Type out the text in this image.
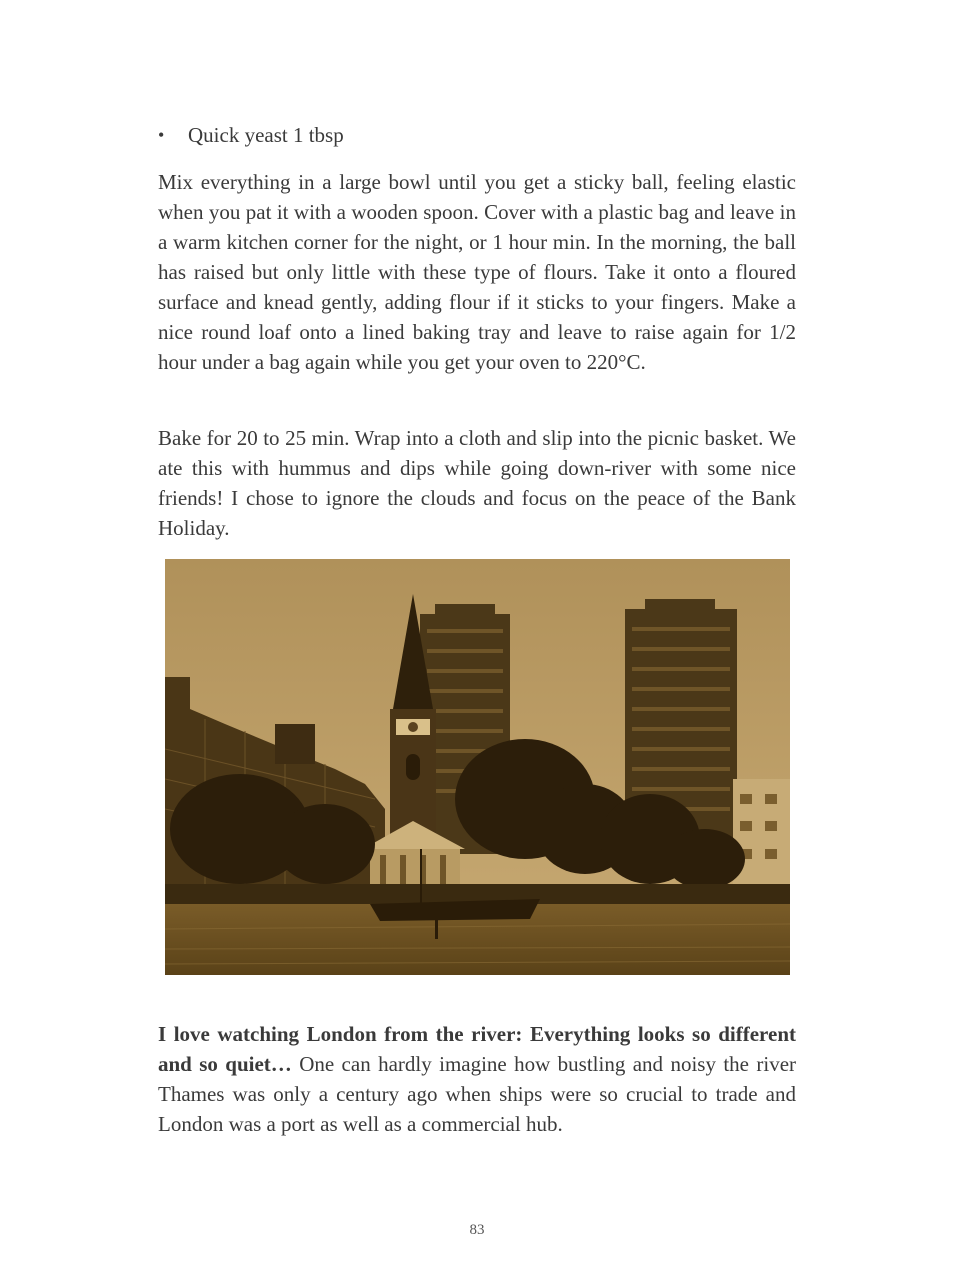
•	Quick yeast 1 tbsp

Mix everything in a large bowl until you get a sticky ball, feeling elastic when you pat it with a wooden spoon. Cover with a plastic bag and leave in a warm kitchen corner for the night, or 1 hour min. In the morning, the ball has raised but only little with these type of flours. Take it onto a floured surface and knead gently, adding flour if it sticks to your fingers. Make a nice round loaf onto a lined baking tray and leave to raise again for 1/2 hour under a bag again while you get your oven to 220°C.

Bake for 20 to 25 min. Wrap into a cloth and slip into the picnic basket. We ate this with hummus and dips while going down-river with some nice friends! I chose to ignore the clouds and focus on the peace of the Bank Holiday.

I love watching London from the river: Everything looks so different and so quiet… One can hardly imagine how bustling and noisy the river Thames was only a century ago when ships were so crucial to trade and London was a port as well as a commercial hub.

83
